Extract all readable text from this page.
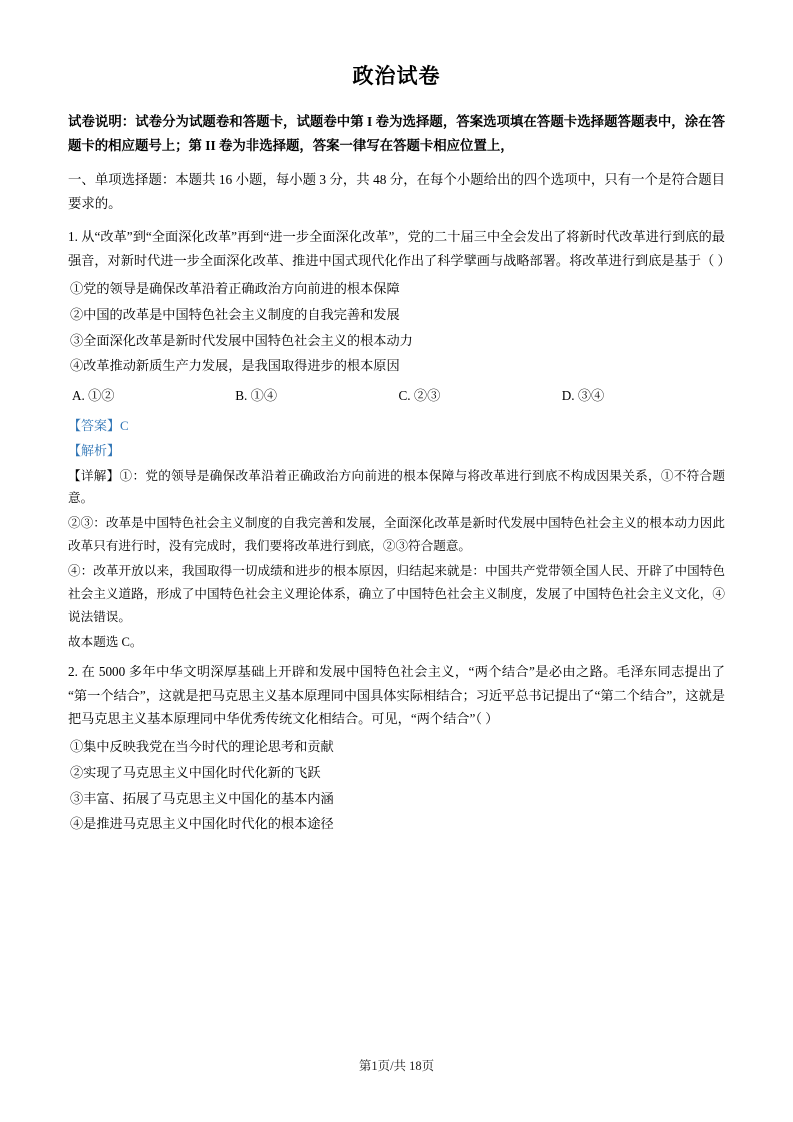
政治试卷

试卷说明：试卷分为试题卷和答题卡，试题卷中第 I 卷为选择题，答案选项填在答题卡选择题答题表中，涂在答题卡的相应题号上；第 II 卷为非选择题，答案一律写在答题卡相应位置上，

一、单项选择题：本题共 16 小题，每小题 3 分，共 48 分，在每个小题给出的四个选项中，只有一个是符合题目要求的。

1. 从“改革”到“全面深化改革”再到“进一步全面深化改革”，党的二十届三中全会发出了将新时代改革进行到底的最强音，对新时代进一步全面深化改革、推进中国式现代化作出了科学擘画与战略部署。将改革进行到底是基于（ ）

①党的领导是确保改革沿着正确政治方向前进的根本保障

②中国的改革是中国特色社会主义制度的自我完善和发展

③全面深化改革是新时代发展中国特色社会主义的根本动力

④改革推动新质生产力发展，是我国取得进步的根本原因

A. ①②	B. ①④	C. ②③	D. ③④

【答案】C

【解析】

【详解】①：党的领导是确保改革沿着正确政治方向前进的根本保障与将改革进行到底不构成因果关系，①不符合题意。

②③：改革是中国特色社会主义制度的自我完善和发展，全面深化改革是新时代发展中国特色社会主义的根本动力因此改革只有进行时，没有完成时，我们要将改革进行到底，②③符合题意。

④：改革开放以来，我国取得一切成绩和进步的根本原因，归结起来就是：中国共产党带领全国人民、开辟了中国特色社会主义道路，形成了中国特色社会主义理论体系，确立了中国特色社会主义制度，发展了中国特色社会主义文化，④说法错误。

故本题选 C。

2. 在 5000 多年中华文明深厚基础上开辟和发展中国特色社会主义，“两个结合”是必由之路。毛泽东同志提出了“第一个结合”，这就是把马克思主义基本原理同中国具体实际相结合；习近平总书记提出了“第二个结合”，这就是把马克思主义基本原理同中华优秀传统文化相结合。可见，“两个结合”（ ）

①集中反映我党在当今时代的理论思考和贡献

②实现了马克思主义中国化时代化新的飞跃

③丰富、拓展了马克思主义中国化的基本内涵

④是推进马克思主义中国化时代化的根本途径

第1页/共 18页
